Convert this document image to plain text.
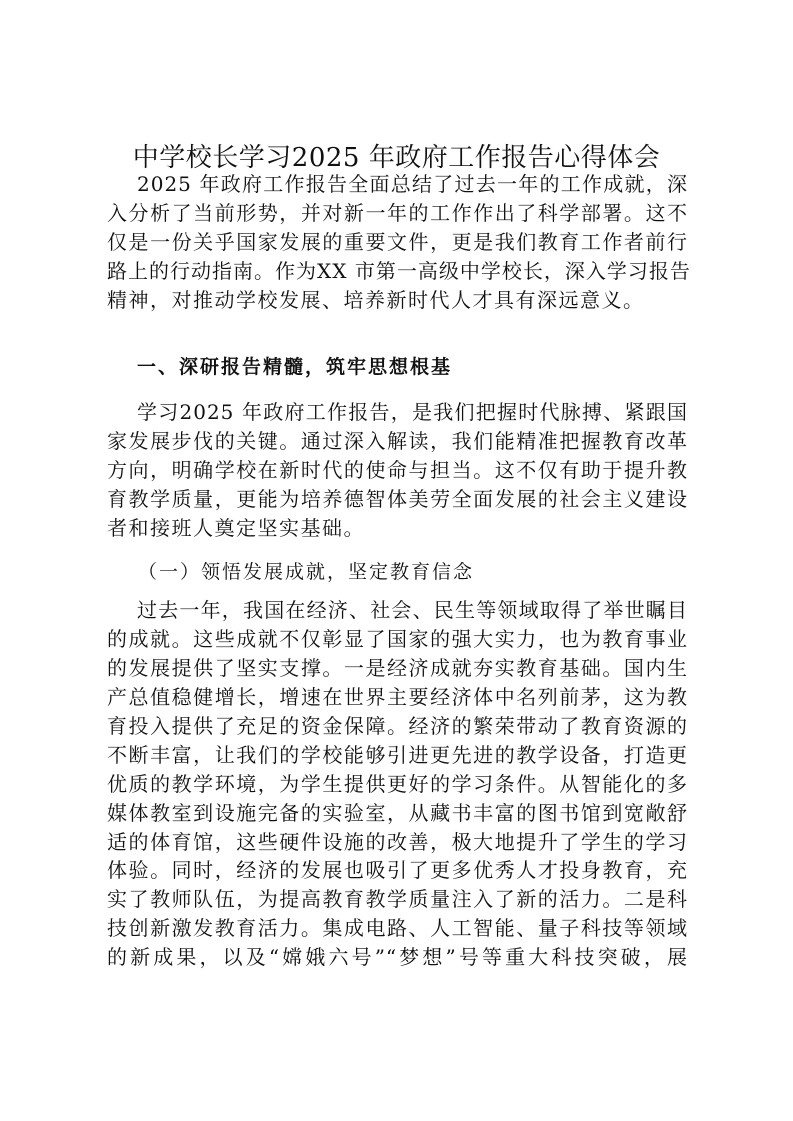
中学校长学习2025 年政府工作报告心得体会
2025 年政府工作报告全面总结了过去一年的工作成就，深
入分析了当前形势，并对新一年的工作作出了科学部署。这不
仅是一份关乎国家发展的重要文件，更是我们教育工作者前行
路上的行动指南。作为XX 市第一高级中学校长，深入学习报告
精神，对推动学校发展、培养新时代人才具有深远意义。
一、深研报告精髓，筑牢思想根基
学习2025 年政府工作报告，是我们把握时代脉搏、紧跟国
家发展步伐的关键。通过深入解读，我们能精准把握教育改革
方向，明确学校在新时代的使命与担当。这不仅有助于提升教
育教学质量，更能为培养德智体美劳全面发展的社会主义建设
者和接班人奠定坚实基础。
（一）领悟发展成就，坚定教育信念
过去一年，我国在经济、社会、民生等领域取得了举世瞩目
的成就。这些成就不仅彰显了国家的强大实力，也为教育事业
的发展提供了坚实支撑。一是经济成就夯实教育基础。国内生
产总值稳健增长，增速在世界主要经济体中名列前茅，这为教
育投入提供了充足的资金保障。经济的繁荣带动了教育资源的
不断丰富，让我们的学校能够引进更先进的教学设备，打造更
优质的教学环境，为学生提供更好的学习条件。从智能化的多
媒体教室到设施完备的实验室，从藏书丰富的图书馆到宽敞舒
适的体育馆，这些硬件设施的改善，极大地提升了学生的学习
体验。同时，经济的发展也吸引了更多优秀人才投身教育，充
实了教师队伍，为提高教育教学质量注入了新的活力。二是科
技创新激发教育活力。集成电路、人工智能、量子科技等领域
的新成果，以及“嫦娥六号”“梦想”号等重大科技突破，展
